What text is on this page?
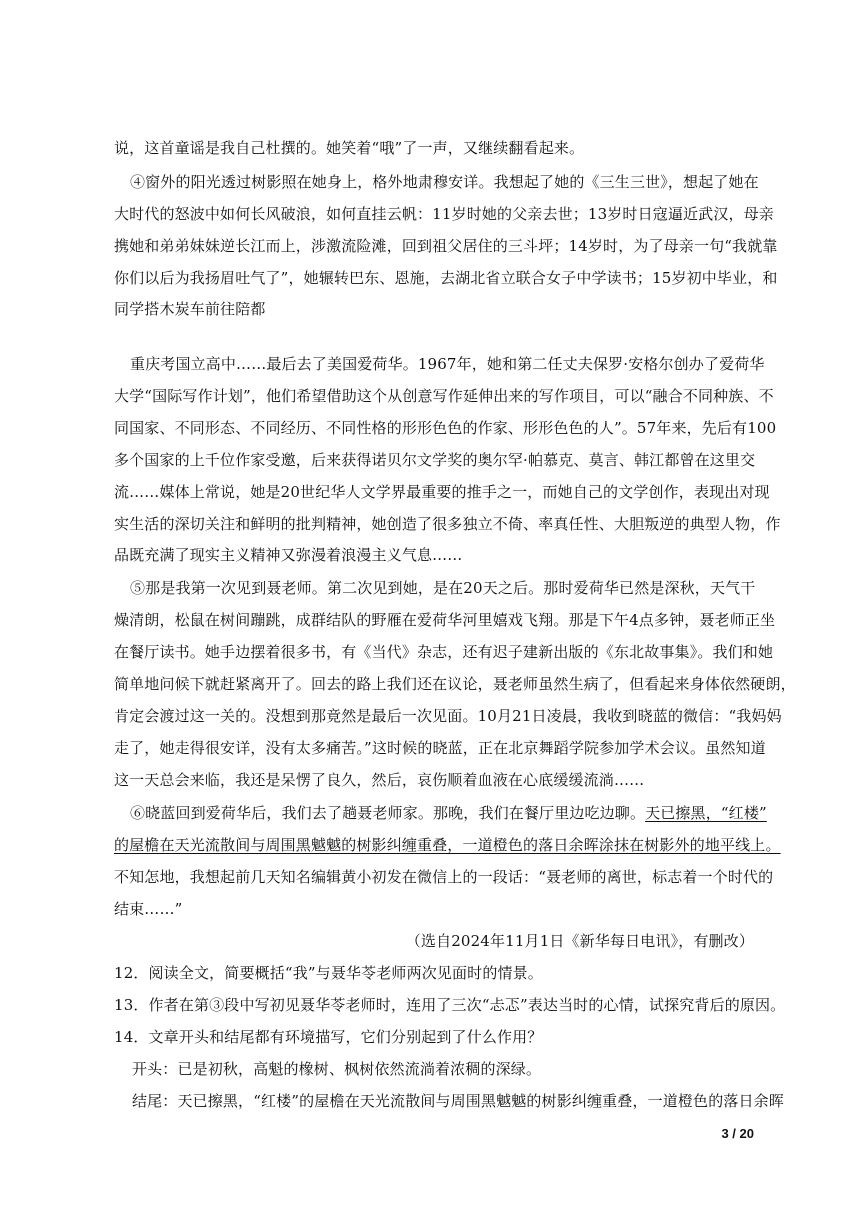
说，这首童谣是我自己杜撰的。她笑着“哦”了一声，又继续翻看起来。
④窗外的阳光透过树影照在她身上，格外地肃穆安详。我想起了她的《三生三世》，想起了她在
大时代的怒波中如何长风破浪，如何直挂云帆：11岁时她的父亲去世；13岁时日寇逼近武汉，母亲
携她和弟弟妹妹逆长江而上，涉激流险滩，回到祖父居住的三斗坪；14岁时，为了母亲一句“我就靠
你们以后为我扬眉吐气了”，她辗转巴东、恩施，去湖北省立联合女子中学读书；15岁初中毕业，和
同学搭木炭车前往陪都
重庆考国立高中……最后去了美国爱荷华。1967年，她和第二任丈夫保罗·安格尔创办了爱荷华
大学“国际写作计划”，他们希望借助这个从创意写作延伸出来的写作项目，可以“融合不同种族、不
同国家、不同形态、不同经历、不同性格的形形色色的作家、形形色色的人”。57年来，先后有100
多个国家的上千位作家受邀，后来获得诺贝尔文学奖的奥尔罕·帕慕克、莫言、韩江都曾在这里交
流……媒体上常说，她是20世纪华人文学界最重要的推手之一，而她自己的文学创作，表现出对现
实生活的深切关注和鲜明的批判精神，她创造了很多独立不倚、率真任性、大胆叛逆的典型人物，作
品既充满了现实主义精神又弥漫着浪漫主义气息……
⑤那是我第一次见到聂老师。第二次见到她，是在20天之后。那时爱荷华已然是深秋，天气干
燥清朗，松鼠在树间蹦跳，成群结队的野雁在爱荷华河里嬉戏飞翔。那是下午4点多钟，聂老师正坐
在餐厅读书。她手边摆着很多书，有《当代》杂志，还有迟子建新出版的《东北故事集》。我们和她
简单地问候下就赶紧离开了。回去的路上我们还在议论，聂老师虽然生病了，但看起来身体依然硬朗，
肯定会渡过这一关的。没想到那竟然是最后一次见面。10月21日凌晨，我收到晓蓝的微信：“我妈妈
走了，她走得很安详，没有太多痛苦。”这时候的晓蓝，正在北京舞蹈学院参加学术会议。虽然知道
这一天总会来临，我还是呆愣了良久，然后，哀伤顺着血液在心底缓缓流淌……
⑥晓蓝回到爱荷华后，我们去了趟聂老师家。那晚，我们在餐厅里边吃边聊。天已擦黑，“红楼”
的屋檐在天光流散间与周围黑魆魆的树影纠缠重叠，一道橙色的落日余晖涂抹在树影外的地平线上。
不知怎地，我想起前几天知名编辑黄小初发在微信上的一段话：“聂老师的离世，标志着一个时代的
结束……”
（选自2024年11月1日《新华每日电讯》，有删改）
12．阅读全文，简要概括“我”与聂华苓老师两次见面时的情景。
13．作者在第③段中写初见聂华苓老师时，连用了三次“忐忑”表达当时的心情，试探究背后的原因。
14．文章开头和结尾都有环境描写，它们分别起到了什么作用？
开头：已是初秋，高魁的橡树、枫树依然流淌着浓稠的深绿。
结尾：天已擦黑，“红楼”的屋檐在天光流散间与周围黑魆魆的树影纠缠重叠，一道橙色的落日余晖
3 / 20
